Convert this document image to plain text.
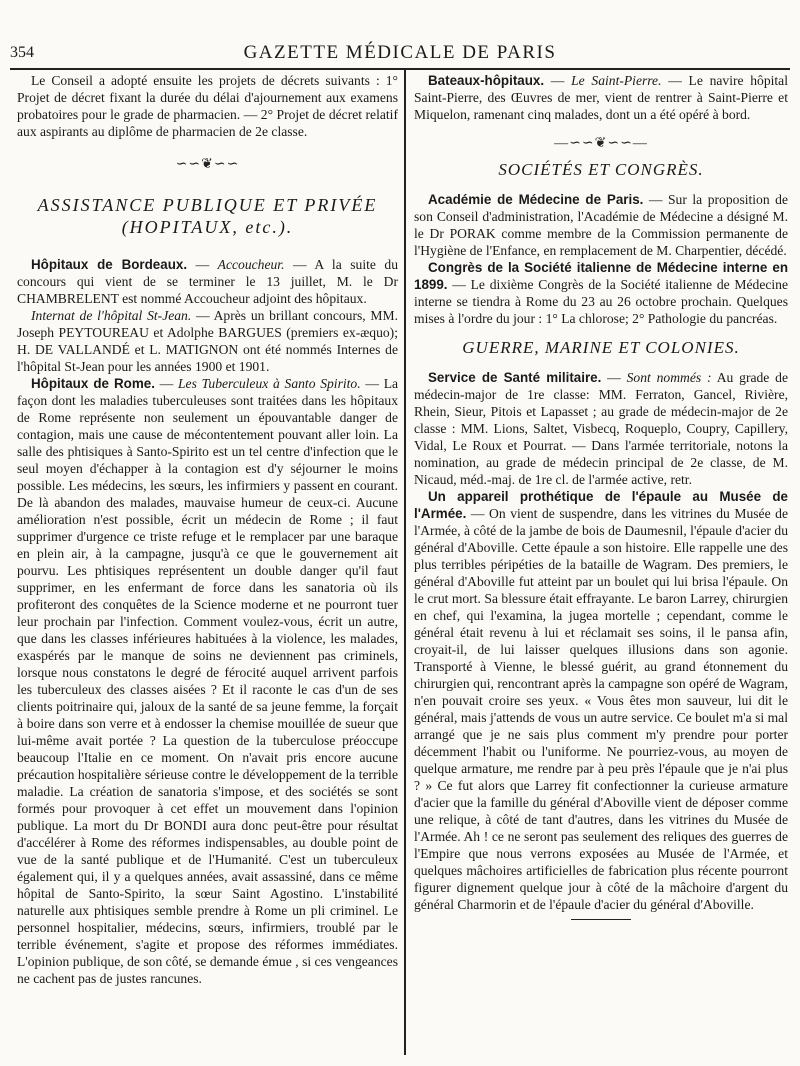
354	GAZETTE MÉDICALE DE PARIS

Le Conseil a adopté ensuite les projets de décrets suivants : 1° Projet de décret fixant la durée du délai d'ajournement aux examens probatoires pour le grade de pharmacien. — 2° Projet de décret relatif aux aspirants au diplôme de pharmacien de 2e classe.

∽∽❦∽∽
ASSISTANCE PUBLIQUE ET PRIVÉE
(HOPITAUX, etc.).

Hôpitaux de Bordeaux. — Accoucheur. — A la suite du concours qui vient de se terminer le 13 juillet, M. le Dr CHAMBRELENT est nommé Accoucheur adjoint des hôpitaux.

Internat de l'hôpital St-Jean. — Après un brillant concours, MM. Joseph PEYTOUREAU et Adolphe BARGUES (premiers ex-æquo); H. DE VALLANDÉ et L. MATIGNON ont été nommés Internes de l'hôpital St-Jean pour les années 1900 et 1901.

Hôpitaux de Rome. — Les Tuberculeux à Santo Spirito. — La façon dont les maladies tuberculeuses sont traitées dans les hôpitaux de Rome représente non seulement un épouvantable danger de contagion, mais une cause de mécontentement pouvant aller loin. La salle des phtisiques à Santo-Spirito est un tel centre d'infection que le seul moyen d'échapper à la contagion est d'y séjourner le moins possible. Les médecins, les sœurs, les infirmiers y passent en courant. De là abandon des malades, mauvaise humeur de ceux-ci. Aucune amélioration n'est possible, écrit un médecin de Rome ; il faut supprimer d'urgence ce triste refuge et le remplacer par une baraque en plein air, à la campagne, jusqu'à ce que le gouvernement ait pourvu. Les phtisiques représentent un double danger qu'il faut supprimer, en les enfermant de force dans les sanatoria où ils profiteront des conquêtes de la Science moderne et ne pourront tuer leur prochain par l'infection. Comment voulez-vous, écrit un autre, que dans les classes inférieures habituées à la violence, les malades, exaspérés par le manque de soins ne deviennent pas criminels, lorsque nous constatons le degré de férocité auquel arrivent parfois les tuberculeux des classes aisées ? Et il raconte le cas d'un de ses clients poitrinaire qui, jaloux de la santé de sa jeune femme, la forçait à boire dans son verre et à endosser la chemise mouillée de sueur que lui-même avait portée ? La question de la tuberculose préoccupe beaucoup l'Italie en ce moment. On n'avait pris encore aucune précaution hospitalière sérieuse contre le développement de la terrible maladie. La création de sanatoria s'impose, et des sociétés se sont formés pour provoquer à cet effet un mouvement dans l'opinion publique. La mort du Dr BONDI aura donc peut-être pour résultat d'accélérer à Rome des réformes indispensables, au double point de vue de la santé publique et de l'Humanité. C'est un tuberculeux également qui, il y a quelques années, avait assassiné, dans ce même hôpital de Santo-Spirito, la sœur Saint Agostino. L'instabilité naturelle aux phtisiques semble prendre à Rome un pli criminel. Le personnel hospitalier, médecins, sœurs, infirmiers, troublé par le terrible événement, s'agite et propose des réformes immédiates. L'opinion publique, de son côté, se demande émue , si ces vengeances ne cachent pas de justes rancunes.

Bateaux-hôpitaux. — Le Saint-Pierre. — Le navire hôpital Saint-Pierre, des Œuvres de mer, vient de rentrer à Saint-Pierre et Miquelon, ramenant cinq malades, dont un a été opéré à bord.

—∽∽❦∽∽—
SOCIÉTÉS ET CONGRÈS.

Académie de Médecine de Paris. — Sur la proposition de son Conseil d'administration, l'Académie de Médecine a désigné M. le Dr PORAK comme membre de la Commission permanente de l'Hygiène de l'Enfance, en remplacement de M. Charpentier, décédé.

Congrès de la Société italienne de Médecine interne en 1899. — Le dixième Congrès de la Société italienne de Médecine interne se tiendra à Rome du 23 au 26 octobre prochain. Quelques mises à l'ordre du jour : 1° La chlorose; 2° Pathologie du pancréas.

GUERRE, MARINE ET COLONIES.

Service de Santé militaire. — Sont nommés : Au grade de médecin-major de 1re classe: MM. Ferraton, Gancel, Rivière, Rhein, Sieur, Pitois et Lapasset ; au grade de médecin-major de 2e classe : MM. Lions, Saltet, Visbecq, Roqueplo, Coupry, Capillery, Vidal, Le Roux et Pourrat. — Dans l'armée territoriale, notons la nomination, au grade de médecin principal de 2e classe, de M. Nicaud, méd.-maj. de 1re cl. de l'armée active, retr.

Un appareil prothétique de l'épaule au Musée de l'Armée. — On vient de suspendre, dans les vitrines du Musée de l'Armée, à côté de la jambe de bois de Daumesnil, l'épaule d'acier du général d'Aboville. Cette épaule a son histoire. Elle rappelle une des plus terribles péripéties de la bataille de Wagram. Des premiers, le général d'Aboville fut atteint par un boulet qui lui brisa l'épaule. On le crut mort. Sa blessure était effrayante. Le baron Larrey, chirurgien en chef, qui l'examina, la jugea mortelle ; cependant, comme le général était revenu à lui et réclamait ses soins, il le pansa afin, croyait-il, de lui laisser quelques illusions dans son agonie. Transporté à Vienne, le blessé guérit, au grand étonnement du chirurgien qui, rencontrant après la campagne son opéré de Wagram, n'en pouvait croire ses yeux. « Vous êtes mon sauveur, lui dit le général, mais j'attends de vous un autre service. Ce boulet m'a si mal arrangé que je ne sais plus comment m'y prendre pour porter décemment l'habit ou l'uniforme. Ne pourriez-vous, au moyen de quelque armature, me rendre par à peu près l'épaule que je n'ai plus ? » Ce fut alors que Larrey fit confectionner la curieuse armature d'acier que la famille du général d'Aboville vient de déposer comme une relique, à côté de tant d'autres, dans les vitrines du Musée de l'Armée. Ah ! ce ne seront pas seulement des reliques des guerres de l'Empire que nous verrons exposées au Musée de l'Armée, et quelques mâchoires artificielles de fabrication plus récente pourront figurer dignement quelque jour à côté de la mâchoire d'argent du général Charmorin et de l'épaule d'acier du général d'Aboville.
